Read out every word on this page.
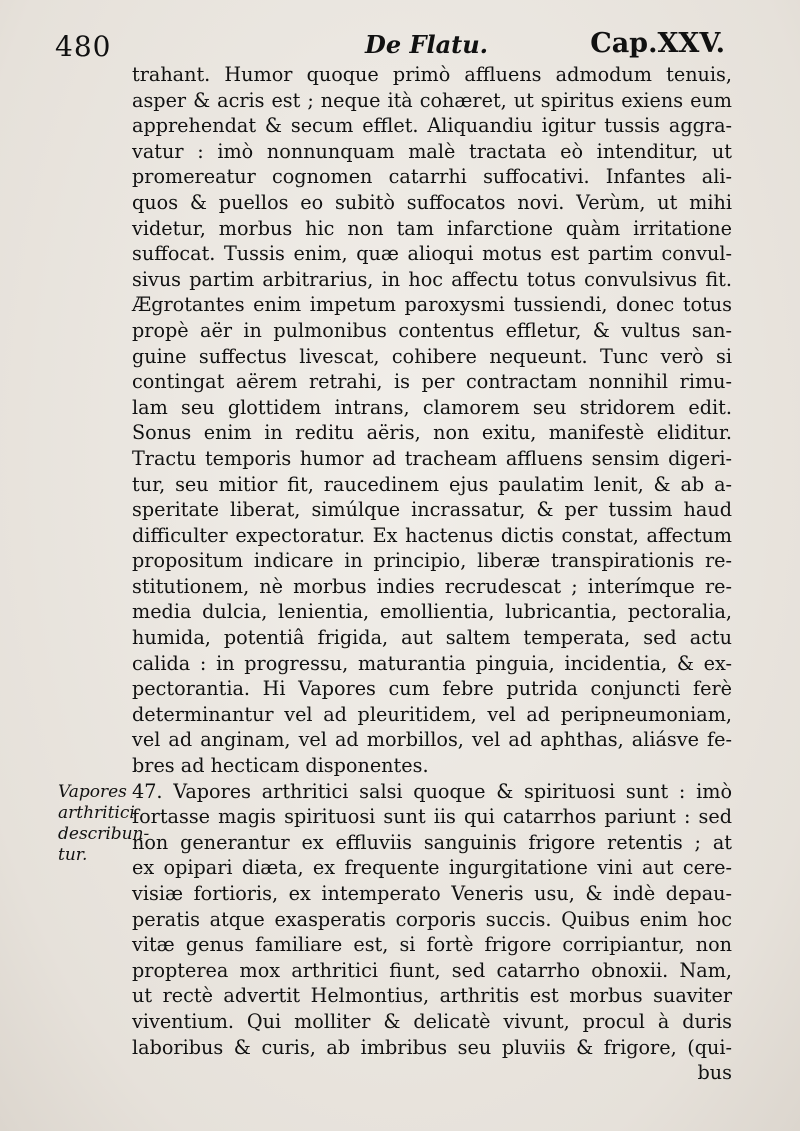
480	De Flatu.	Cap.XXV.
Vapores
arthritici
describun-
tur.
trahant. Humor quoque primò affluens admodum tenuis,
asper & acris est ; neque ità cohæret, ut spiritus exiens eum
apprehendat & secum efflet. Aliquandiu igitur tussis aggra-
vatur : imò nonnunquam malè tractata eò intenditur, ut
promereatur cognomen catarrhi suffocativi. Infantes ali-
quos & puellos eo subitò suffocatos novi. Verùm, ut mihi
videtur, morbus hic non tam infarctione quàm irritatione
suffocat. Tussis enim, quæ alioqui motus est partim convul-
sivus partim arbitrarius, in hoc affectu totus convulsivus fit.
Ægrotantes enim impetum paroxysmi tussiendi, donec totus
propè aër in pulmonibus contentus effletur, & vultus san-
guine suffectus livescat, cohibere nequeunt. Tunc verò si
contingat aërem retrahi, is per contractam nonnihil rimu-
lam seu glottidem intrans, clamorem seu stridorem edit.
Sonus enim in reditu aëris, non exitu, manifestè eliditur.
Tractu temporis humor ad tracheam affluens sensim digeri-
tur, seu mitior fit, raucedinem ejus paulatim lenit, & ab a-
speritate liberat, simúlque incrassatur, & per tussim haud
difficulter expectoratur. Ex hactenus dictis constat, affectum
propositum indicare in principio, liberæ transpirationis re-
stitutionem, nè morbus indies recrudescat ; interímque re-
media dulcia, lenientia, emollientia, lubricantia, pectoralia,
humida, potentiâ frigida, aut saltem temperata, sed actu
calida : in progressu, maturantia pinguia, incidentia, & ex-
pectorantia. Hi Vapores cum febre putrida conjuncti ferè
determinantur vel ad pleuritidem, vel ad peripneumoniam,
vel ad anginam, vel ad morbillos, vel ad aphthas, aliásve fe-
bres ad hecticam disponentes.
47. Vapores arthritici salsi quoque & spirituosi sunt : imò
fortasse magis spirituosi sunt iis qui catarrhos pariunt : sed
non generantur ex effluviis sanguinis frigore retentis ; at
ex opipari diæta, ex frequente ingurgitatione vini aut cere-
visiæ fortioris, ex intemperato Veneris usu, & indè depau-
peratis atque exasperatis corporis succis. Quibus enim hoc
vitæ genus familiare est, si fortè frigore corripiantur, non
propterea mox arthritici fiunt, sed catarrho obnoxii. Nam,
ut rectè advertit Helmontius, arthritis est morbus suaviter
viventium. Qui molliter & delicatè vivunt, procul à duris
laboribus & curis, ab imbribus seu pluviis & frigore, (qui-
bus
